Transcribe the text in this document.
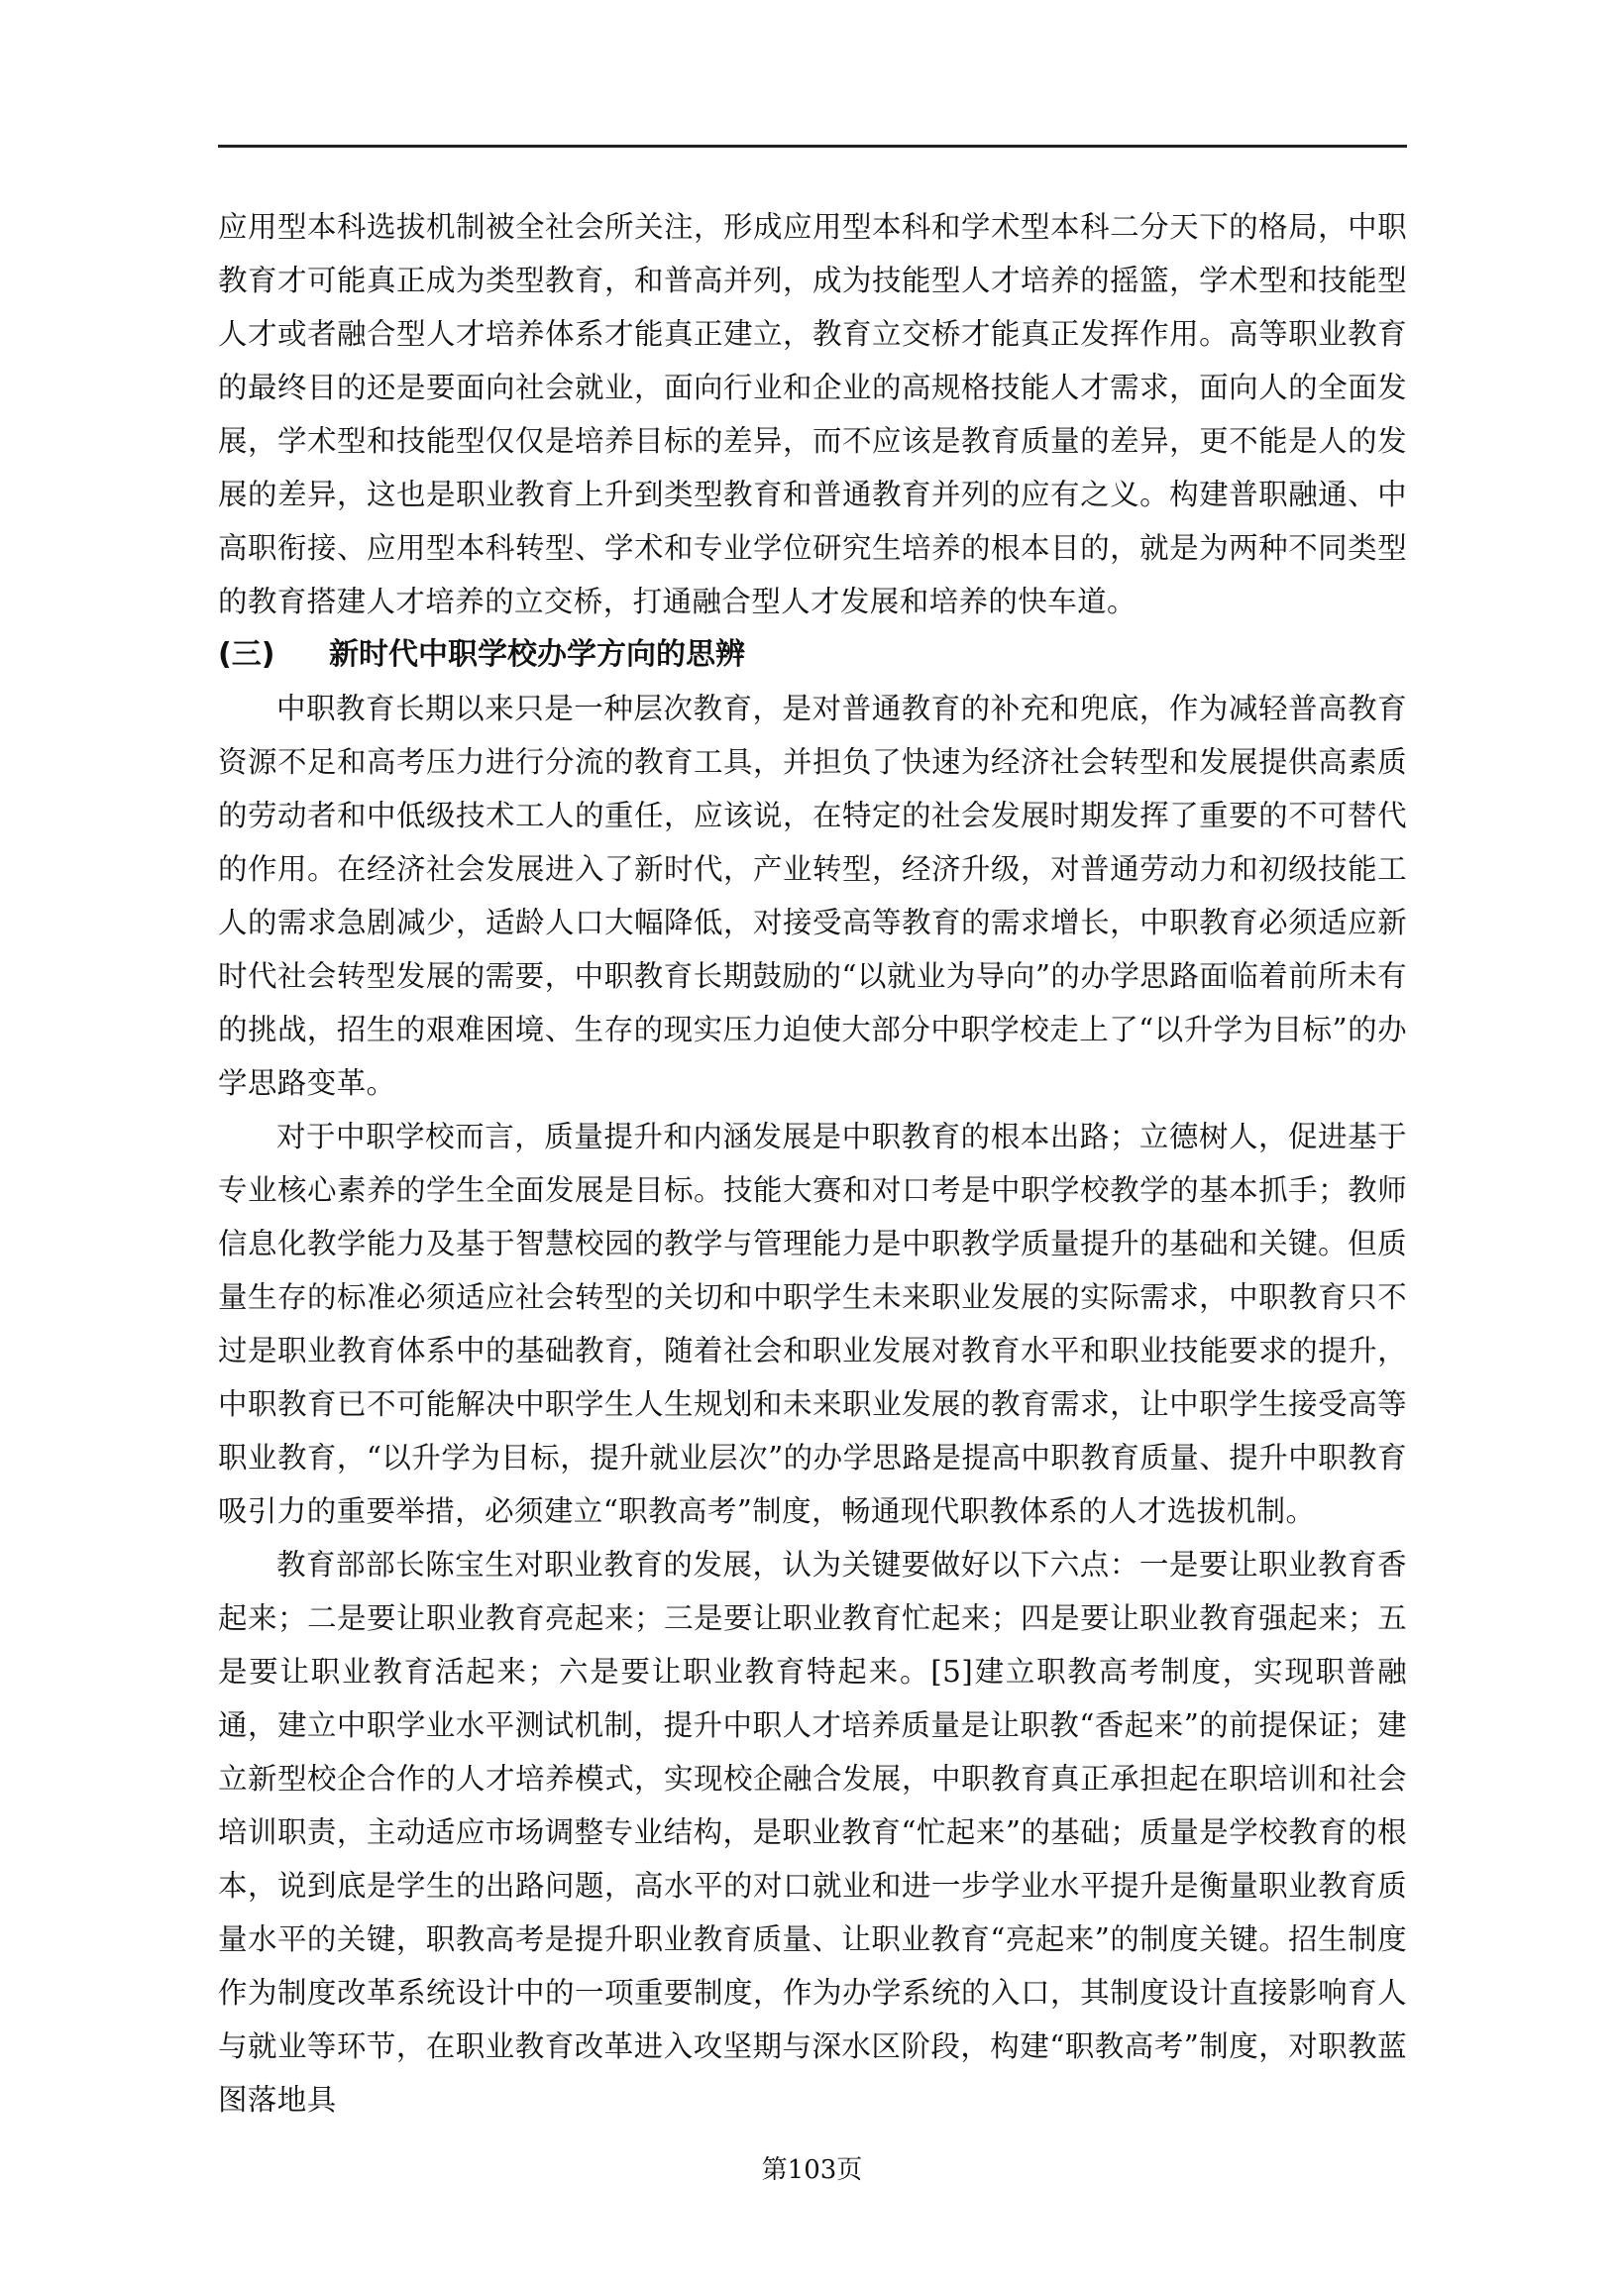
应用型本科选拔机制被全社会所关注，形成应用型本科和学术型本科二分天下的格局，中职教育才可能真正成为类型教育，和普高并列，成为技能型人才培养的摇篮，学术型和技能型人才或者融合型人才培养体系才能真正建立，教育立交桥才能真正发挥作用。高等职业教育的最终目的还是要面向社会就业，面向行业和企业的高规格技能人才需求，面向人的全面发展，学术型和技能型仅仅是培养目标的差异，而不应该是教育质量的差异，更不能是人的发展的差异，这也是职业教育上升到类型教育和普通教育并列的应有之义。构建普职融通、中高职衔接、应用型本科转型、学术和专业学位研究生培养的根本目的，就是为两种不同类型的教育搭建人才培养的立交桥，打通融合型人才发展和培养的快车道。

(三) 新时代中职学校办学方向的思辨

中职教育长期以来只是一种层次教育，是对普通教育的补充和兜底，作为减轻普高教育资源不足和高考压力进行分流的教育工具，并担负了快速为经济社会转型和发展提供高素质的劳动者和中低级技术工人的重任，应该说，在特定的社会发展时期发挥了重要的不可替代的作用。在经济社会发展进入了新时代，产业转型，经济升级，对普通劳动力和初级技能工人的需求急剧减少，适龄人口大幅降低，对接受高等教育的需求增长，中职教育必须适应新时代社会转型发展的需要，中职教育长期鼓励的“以就业为导向”的办学思路面临着前所未有的挑战，招生的艰难困境、生存的现实压力迫使大部分中职学校走上了“以升学为目标”的办学思路变革。

对于中职学校而言，质量提升和内涵发展是中职教育的根本出路；立德树人，促进基于专业核心素养的学生全面发展是目标。技能大赛和对口考是中职学校教学的基本抓手；教师信息化教学能力及基于智慧校园的教学与管理能力是中职教学质量提升的基础和关键。但质量生存的标准必须适应社会转型的关切和中职学生未来职业发展的实际需求，中职教育只不过是职业教育体系中的基础教育，随着社会和职业发展对教育水平和职业技能要求的提升，中职教育已不可能解决中职学生人生规划和未来职业发展的教育需求，让中职学生接受高等职业教育，“以升学为目标，提升就业层次”的办学思路是提高中职教育质量、提升中职教育吸引力的重要举措，必须建立“职教高考”制度，畅通现代职教体系的人才选拔机制。

教育部部长陈宝生对职业教育的发展，认为关键要做好以下六点：一是要让职业教育香起来；二是要让职业教育亮起来；三是要让职业教育忙起来；四是要让职业教育强起来；五是要让职业教育活起来；六是要让职业教育特起来。[5]建立职教高考制度，实现职普融通，建立中职学业水平测试机制，提升中职人才培养质量是让职教“香起来”的前提保证；建立新型校企合作的人才培养模式，实现校企融合发展，中职教育真正承担起在职培训和社会培训职责，主动适应市场调整专业结构，是职业教育“忙起来”的基础；质量是学校教育的根本，说到底是学生的出路问题，高水平的对口就业和进一步学业水平提升是衡量职业教育质量水平的关键，职教高考是提升职业教育质量、让职业教育“亮起来”的制度关键。招生制度作为制度改革系统设计中的一项重要制度，作为办学系统的入口，其制度设计直接影响育人与就业等环节，在职业教育改革进入攻坚期与深水区阶段，构建“职教高考”制度，对职教蓝图落地具

第103页
